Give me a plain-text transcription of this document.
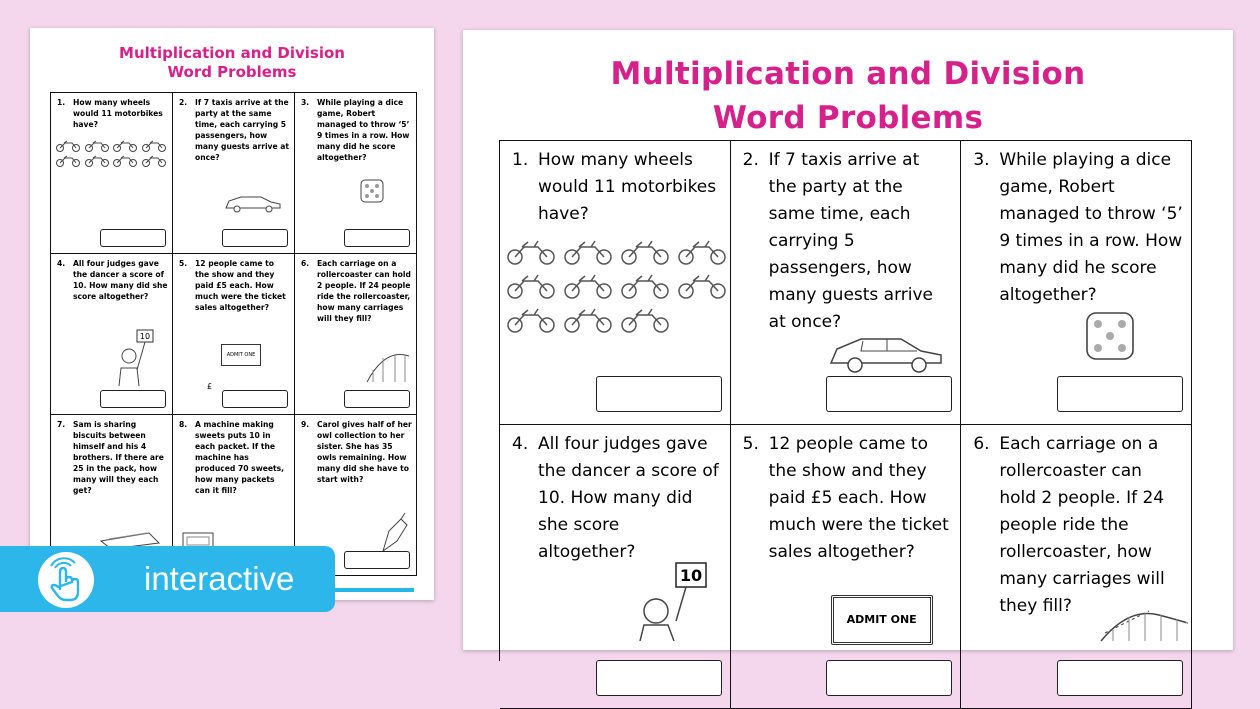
Multiplication and Division
Word Problems
1.	How many wheels would 11 motorbikes have?
2.	If 7 taxis arrive at the party at the same time, each carrying 5 passengers, how many guests arrive at once?
3.	While playing a dice game, Robert managed to throw ‘5’ 9 times in a row. How many did he score altogether?
4.	All four judges gave the dancer a score of 10. How many did she score altogether?
10
5.	12 people came to the show and they paid £5 each. How much were the ticket sales altogether?
ADMIT ONE
£
6.	Each carriage on a rollercoaster can hold 2 people. If 24 people ride the rollercoaster, how many carriages will they fill?
7.	Sam is sharing biscuits between himself and his 4 brothers. If there are 25 in the pack, how many will they each get?
8.	A machine making sweets puts 10 in each packet. If the machine has produced 70 sweets, how many packets can it fill?
9.	Carol gives half of her owl collection to her sister. She has 35 owls remaining. How many did she have to start with?
Multiplication and Division
Word Problems
1. How many wheels would 11 motorbikes have?
2. If 7 taxis arrive at the party at the same time, each carrying 5 passengers, how many guests arrive at once?
3. While playing a dice game, Robert managed to throw ‘5’ 9 times in a row. How many did he score altogether?
4. All four judges gave the dancer a score of 10. How many did she score altogether?
10
5. 12 people came to the show and they paid £5 each. How much were the ticket sales altogether?
ADMIT ONE
6. Each carriage on a rollercoaster can hold 2 people. If 24 people ride the rollercoaster, how many carriages will they fill?
interactive
